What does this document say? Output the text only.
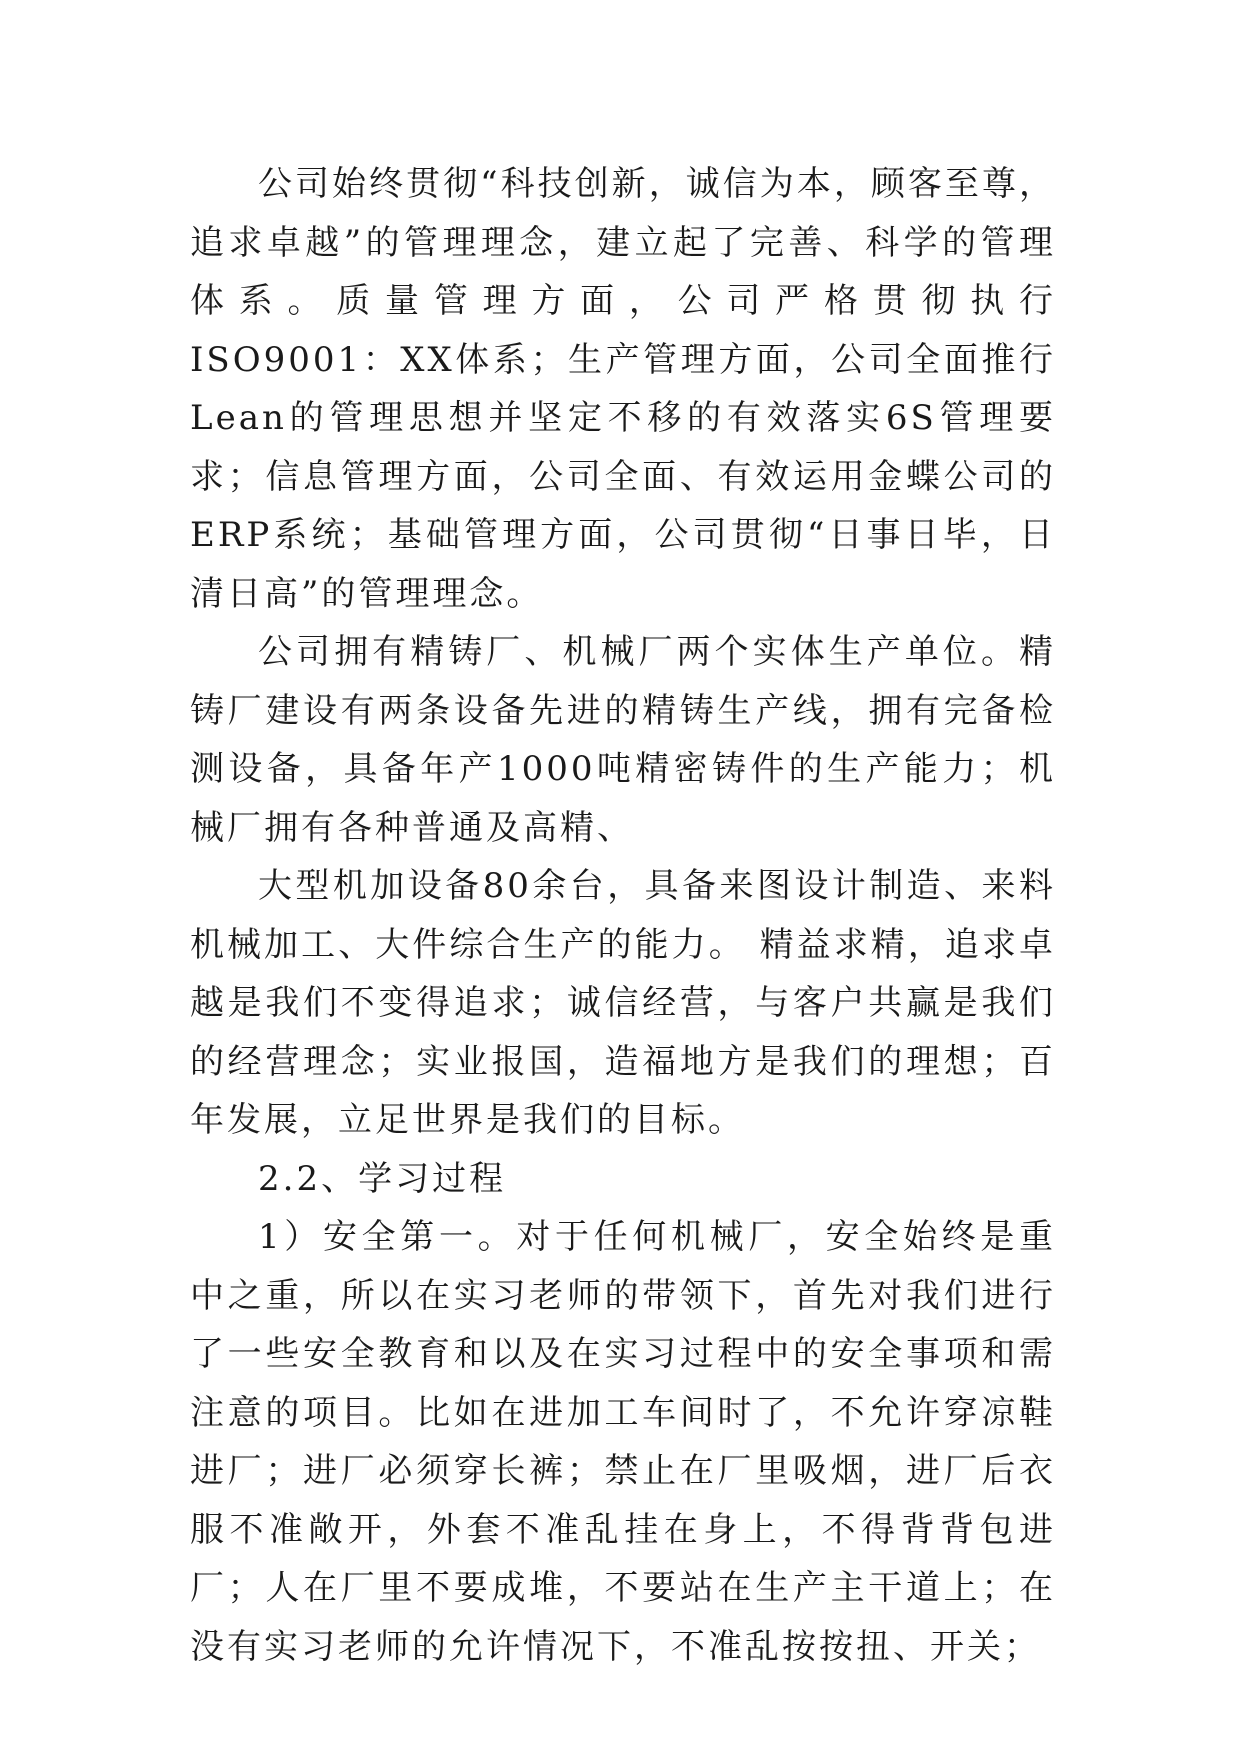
公司始终贯彻“科技创新，诚信为本，顾客至尊，追求卓越”的管理理念，建立起了完善、科学的管理体系。质量管理方面，公司严格贯彻执行ISO9001：XX体系；生产管理方面，公司全面推行Lean的管理思想并坚定不移的有效落实6S管理要求；信息管理方面，公司全面、有效运用金蝶公司的ERP系统；基础管理方面，公司贯彻“日事日毕，日清日高”的管理理念。

公司拥有精铸厂、机械厂两个实体生产单位。精铸厂建设有两条设备先进的精铸生产线，拥有完备检测设备，具备年产1000吨精密铸件的生产能力；机械厂拥有各种普通及高精、

大型机加设备80余台，具备来图设计制造、来料机械加工、大件综合生产的能力。 精益求精，追求卓越是我们不变得追求；诚信经营，与客户共赢是我们的经营理念；实业报国，造福地方是我们的理想；百年发展，立足世界是我们的目标。

2.2、学习过程

1）安全第一。对于任何机械厂，安全始终是重中之重，所以在实习老师的带领下，首先对我们进行了一些安全教育和以及在实习过程中的安全事项和需注意的项目。比如在进加工车间时了，不允许穿凉鞋进厂；进厂必须穿长裤；禁止在厂里吸烟，进厂后衣服不准敞开，外套不准乱挂在身上，不得背背包进厂；人在厂里不要成堆，不要站在生产主干道上；在没有实习老师的允许情况下，不准乱按按扭、开关；
